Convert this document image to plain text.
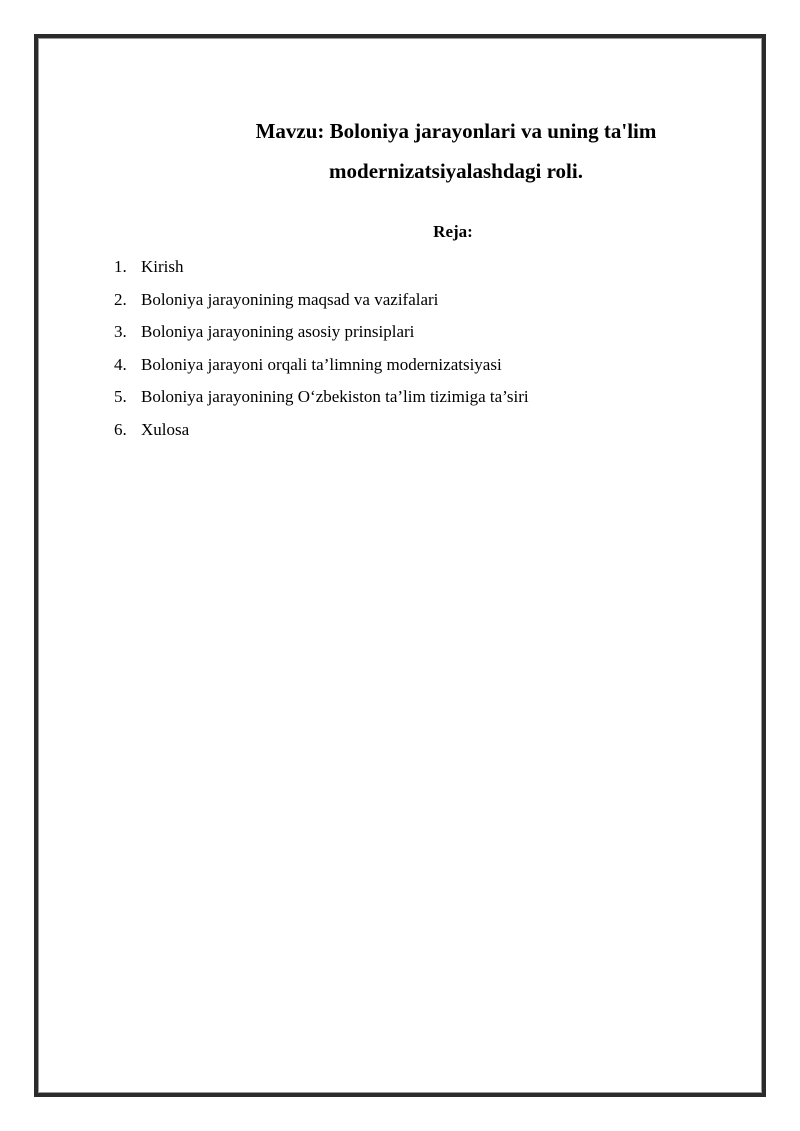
Mavzu: Boloniya jarayonlari va uning ta'lim
modernizatsiyalashdagi roli.
Reja:
1. Kirish
2. Boloniya jarayonining maqsad va vazifalari
3. Boloniya jarayonining asosiy prinsiplari
4. Boloniya jarayoni orqali ta’limning modernizatsiyasi
5. Boloniya jarayonining O‘zbekiston ta’lim tizimiga ta’siri
6. Xulosa
